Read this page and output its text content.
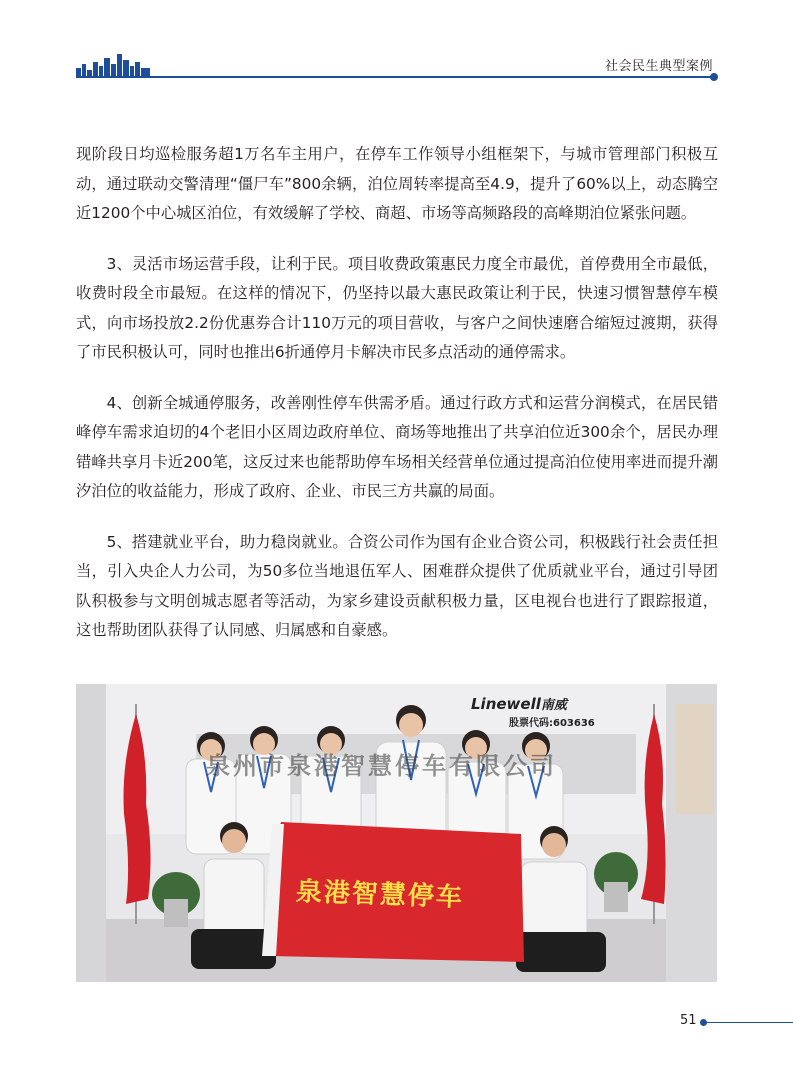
社会民生典型案例

现阶段日均巡检服务超1万名车主用户，在停车工作领导小组框架下，与城市管理部门积极互动，通过联动交警清理“僵尸车”800余辆，泊位周转率提高至4.9，提升了60%以上，动态腾空近1200个中心城区泊位，有效缓解了学校、商超、市场等高频路段的高峰期泊位紧张问题。

3、灵活市场运营手段，让利于民。项目收费政策惠民力度全市最优，首停费用全市最低，收费时段全市最短。在这样的情况下，仍坚持以最大惠民政策让利于民，快速习惯智慧停车模式，向市场投放2.2份优惠券合计110万元的项目营收，与客户之间快速磨合缩短过渡期，获得了市民积极认可，同时也推出6折通停月卡解决市民多点活动的通停需求。

4、创新全城通停服务，改善刚性停车供需矛盾。通过行政方式和运营分润模式，在居民错峰停车需求迫切的4个老旧小区周边政府单位、商场等地推出了共享泊位近300余个，居民办理错峰共享月卡近200笔，这反过来也能帮助停车场相关经营单位通过提高泊位使用率进而提升潮汐泊位的收益能力，形成了政府、企业、市民三方共赢的局面。

5、搭建就业平台，助力稳岗就业。合资公司作为国有企业合资公司，积极践行社会责任担当，引入央企人力公司，为50多位当地退伍军人、困难群众提供了优质就业平台，通过引导团队积极参与文明创城志愿者等活动，为家乡建设贡献积极力量，区电视台也进行了跟踪报道，这也帮助团队获得了认同感、归属感和自豪感。

Linewell南威
股票代码:603636
泉州市泉港智慧停车有限公司
泉港智慧停车
51
